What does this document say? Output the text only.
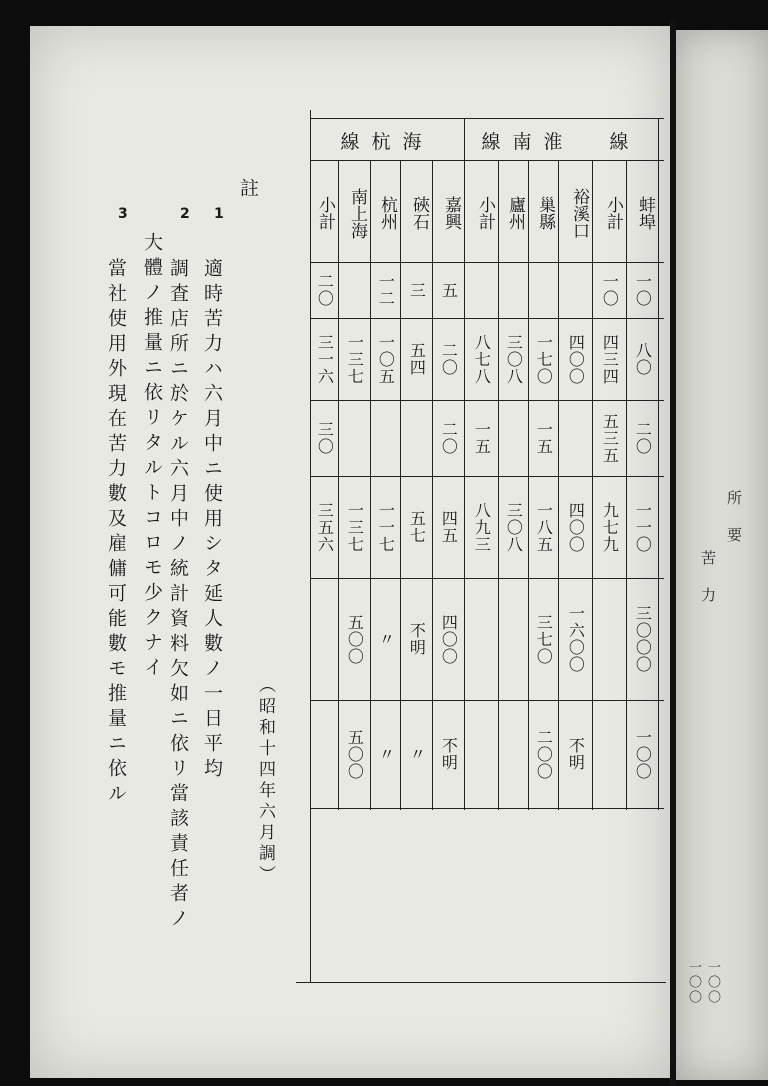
所 要
苦 力
一〇〇
一〇〇
海杭線	淮南線	線
蚌埠
小計
裕溪口
巢縣
廬州
小計
嘉興
硤石
杭州
南上海
小計
一〇
八〇
二〇
一一〇
三〇〇〇
一〇〇
一〇
四三四
五三五
九七九
四〇〇
四〇〇
一六〇〇
不明
一七〇
一五
一八五
三七〇
二〇〇
三〇八
三〇八
八七八
一五
八九三
五
二〇
二〇
四五
四〇〇
不明
三
五四
五七
不明
〃
一二
一〇五
一一七
〃
〃
一三七
一三七
五〇〇
五〇〇
二〇
三一六
三〇
三五六
註
（昭和十四年六月調）
1
適時苦力ハ六月中ニ使用シタ延人數ノ一日平均
2
調査店所ニ於ケル六月中ノ統計資料欠如ニ依リ當該責任者ノ
大體ノ推量ニ依リタルトコロモ少クナイ
3
當社使用外現在苦力數及雇傭可能數モ推量ニ依ル
